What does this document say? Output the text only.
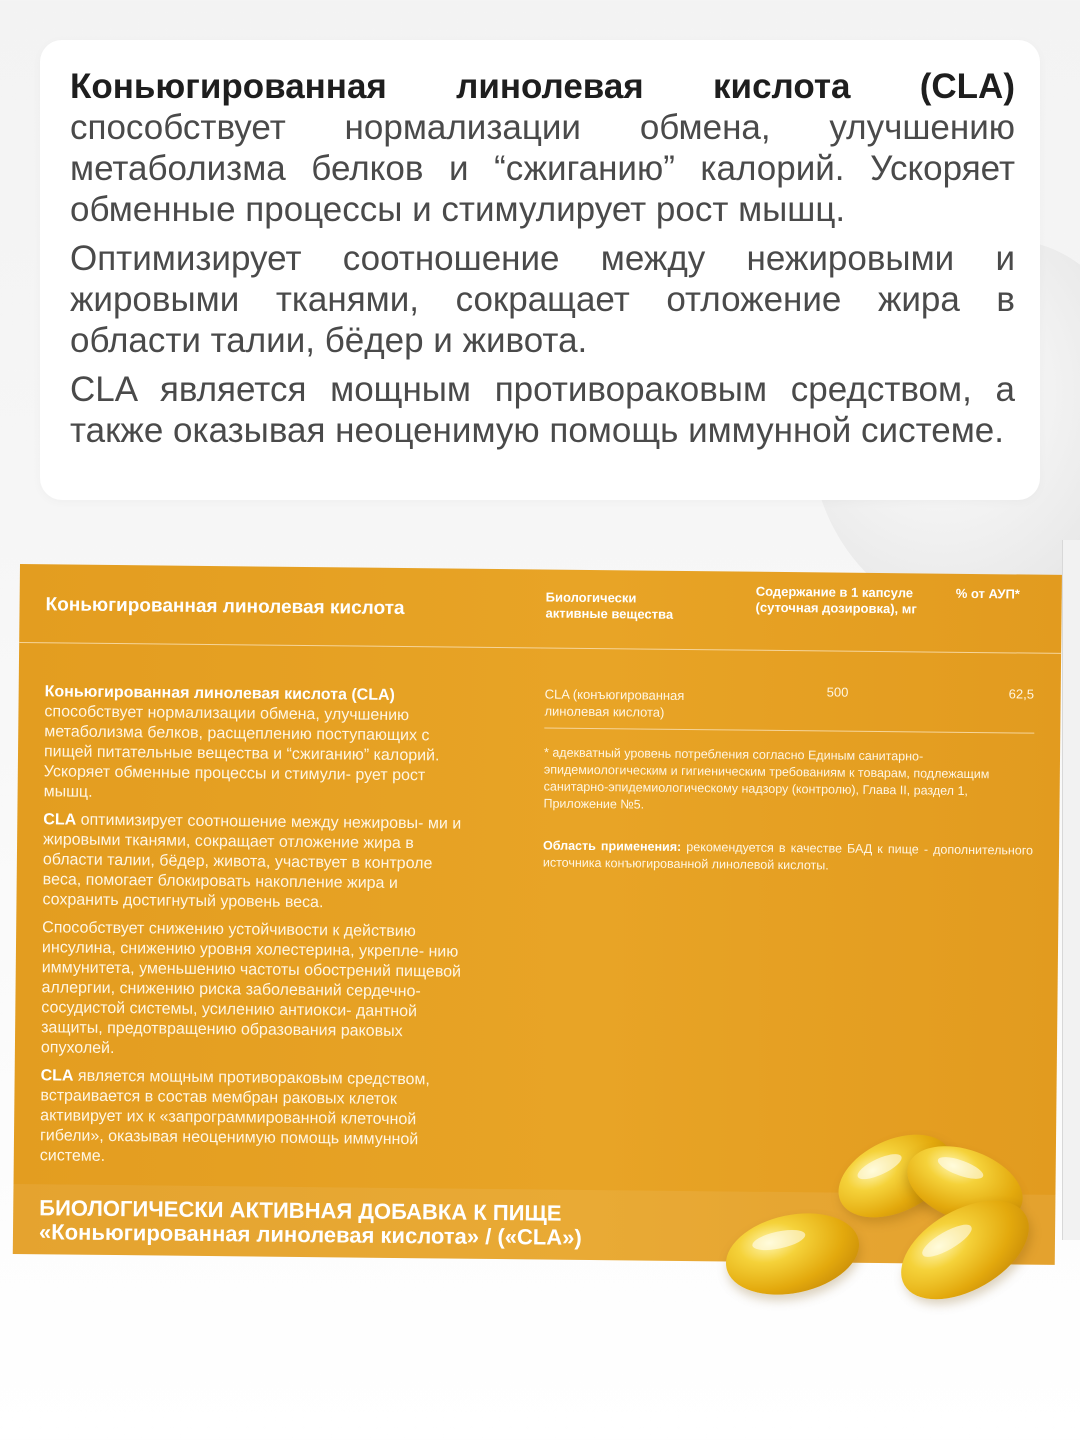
Коньюгированная линолевая кислота (CLA) способствует нормализации обмена, улучшению метаболизма белков и “сжиганию” калорий. Ускоряет обменные процессы и стимулирует рост мышц.

Оптимизирует соотношение между нежировыми и жировыми тканями, сокращает отложение жира в области талии, бёдер и живота.

CLA является мощным противораковым средством, а также оказывая неоценимую помощь иммунной системе.

Коньюгированная линолевая кислота	Биологически активные вещества
Содержание в 1 капсуле (суточная дозировка), мг
% от АУП*

Коньюгированная линолевая кислота (CLA) способствует нормализации обмена, улучшению метаболизма белков, расщеплению поступающих с пищей питательные вещества и “сжиганию” калорий. Ускоряет обменные процессы и стимули- рует рост мышц.

CLA оптимизирует соотношение между нежировы- ми и жировыми тканями, сокращает отложение жира в области талии, бёдер, живота, участвует в контроле веса, помогает блокировать накопление жира и сохранить достигнутый уровень веса.

Способствует снижению устойчивости к действию инсулина, снижению уровня холестерина, укрепле- нию иммунитета, уменьшению частоты обострений пищевой аллергии, снижению риска заболеваний сердечно-сосудистой системы, усилению антиокси- дантной защиты, предотвращению образования раковых опухолей.

CLA является мощным противораковым средством, встраивается в состав мембран раковых клеток активирует их к «запрограммированной клеточной гибели», оказывая неоценимую помощь иммунной системе.

CLA (конъюгированная линолевая кислота)
500	62,5
* адекватный уровень потребления согласно Единым санитарно-эпидемиологическим и гигиеническим требованиям к товарам, подлежащим санитарно-эпидемиологическому надзору (контролю), Глава II, раздел 1, Приложение №5.
Область применения: рекомендуется в качестве БАД к пище - дополнительного источника конъюгированной линолевой кислоты.
БИОЛОГИЧЕСКИ АКТИВНАЯ ДОБАВКА К ПИЩЕ
«Коньюгированная линолевая кислота» / («CLA»)
